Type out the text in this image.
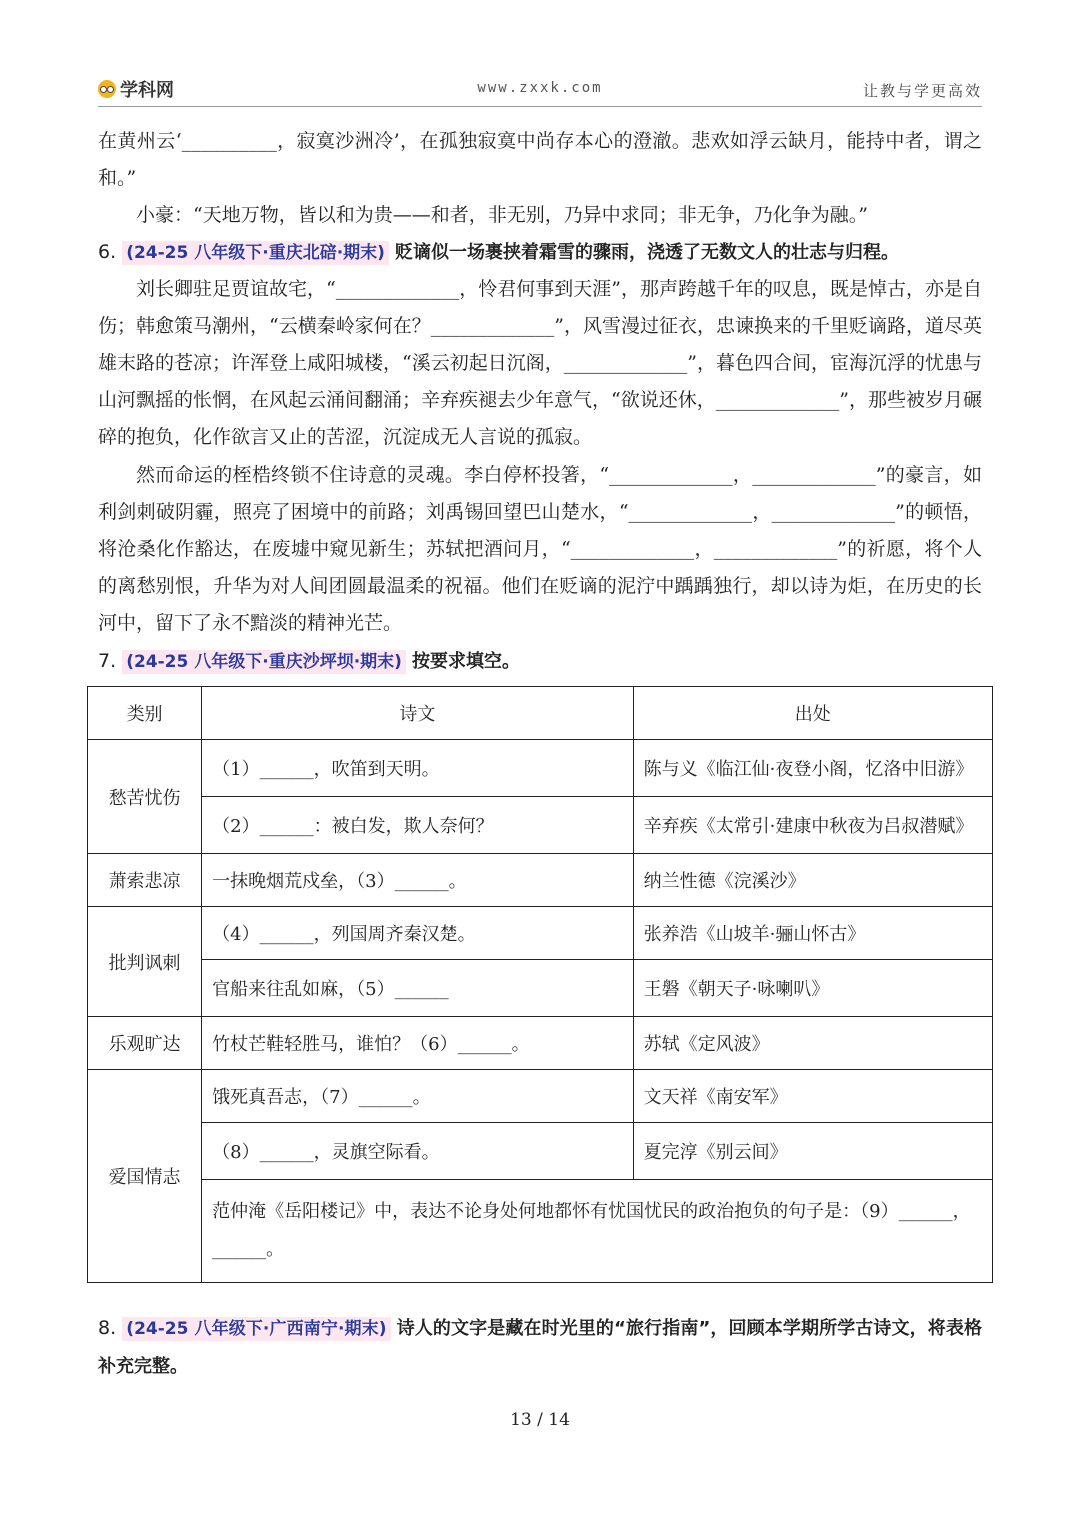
学科网	www.zxxk.com	让教与学更高效
在黄州云‘__________，寂寞沙洲冷’，在孤独寂寞中尚存本心的澄澈。悲欢如浮云缺月，能持中者，谓之和。”
小豪：“天地万物，皆以和为贵——和者，非无别，乃异中求同；非无争，乃化争为融。”
6. (24-25 八年级下·重庆北碚·期末) 贬谪似一场裹挟着霜雪的骤雨，浇透了无数文人的壮志与归程。
刘长卿驻足贾谊故宅，“_____________，怜君何事到天涯”，那声跨越千年的叹息，既是悼古，亦是自伤；韩愈策马潮州，“云横秦岭家何在？_____________”，风雪漫过征衣，忠谏换来的千里贬谪路，道尽英雄末路的苍凉；许浑登上咸阳城楼，“溪云初起日沉阁，_____________”，暮色四合间，宦海沉浮的忧患与山河飘摇的怅惘，在风起云涌间翻涌；辛弃疾褪去少年意气，“欲说还休，_____________”，那些被岁月碾碎的抱负，化作欲言又止的苦涩，沉淀成无人言说的孤寂。
然而命运的桎梏终锁不住诗意的灵魂。李白停杯投箸，“_____________，_____________”的豪言，如利剑刺破阴霾，照亮了困境中的前路；刘禹锡回望巴山楚水，“_____________，_____________”的顿悟，将沧桑化作豁达，在废墟中窥见新生；苏轼把酒问月，“_____________，_____________”的祈愿，将个人的离愁别恨，升华为对人间团圆最温柔的祝福。他们在贬谪的泥泞中踽踽独行，却以诗为炬，在历史的长河中，留下了永不黯淡的精神光芒。
7. (24-25 八年级下·重庆沙坪坝·期末) 按要求填空。
类别	诗文	出处
愁苦忧伤	（1）______，吹笛到天明。	陈与义《临江仙·夜登小阁，忆洛中旧游》
	（2）______：被白发，欺人奈何？	辛弃疾《太常引·建康中秋夜为吕叔潜赋》
萧索悲凉	一抹晚烟荒戍垒，（3）______。	纳兰性德《浣溪沙》
批判讽刺	（4）______，列国周齐秦汉楚。	张养浩《山坡羊·骊山怀古》
	官船来往乱如麻，（5）______	王磐《朝天子·咏喇叭》
乐观旷达	竹杖芒鞋轻胜马，谁怕？（6）______。	苏轼《定风波》
爱国情志	饿死真吾志，（7）______。	文天祥《南安军》
	（8）______，灵旗空际看。	夏完淳《别云间》
	范仲淹《岳阳楼记》中，表达不论身处何地都怀有忧国忧民的政治抱负的句子是：（9）______，______。	
8. (24-25 八年级下·广西南宁·期末) 诗人的文字是藏在时光里的“旅行指南”，回顾本学期所学古诗文，将表格补充完整。
13 / 14
